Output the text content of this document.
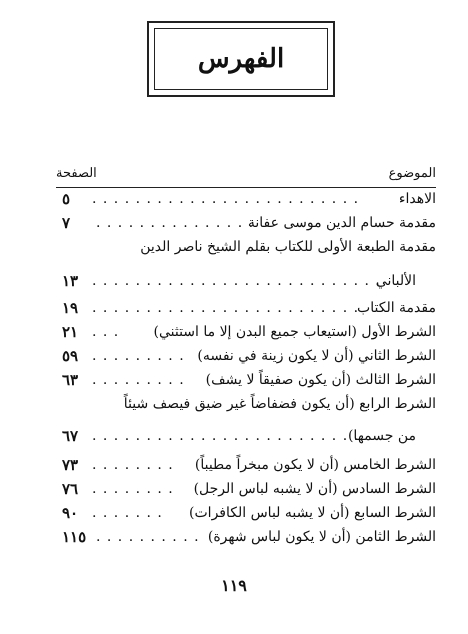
الفهرس
الموضوع
الصفحة
الاهداء
. . . . . . . . . . . . . . . . . . . . . . . . .
٥
مقدمة حسام الدين موسى عفانة
. . . . . . . . . . . . . . .
٧
مقدمة الطبعة الأولى للكتاب بقلم الشيخ ناصر الدين
الألباني
. . . . . . . . . . . . . . . . . . . . . . . . . . .
١٣
مقدمة الكتاب
. . . . . . . . . . . . . . . . . . . . . . . . .
١٩
الشرط الأول (استيعاب جميع البدن إلا ما استثني)
. . .
٢١
الشرط الثاني (أن لا يكون زينة في نفسه)
. . . . . . . . .
٥٩
الشرط الثالث (أن يكون صفيقاً لا يشف)
. . . . . . . . .
٦٣
الشرط الرابع (أن يكون فضفاضاً غير ضيق فيصف شيئاً
من جسمها)
. . . . . . . . . . . . . . . . . . . . . . . . .
٦٧
الشرط الخامس (أن لا يكون مبخراً مطيباً)
. . . . . . . .
٧٣
الشرط السادس (أن لا يشبه لباس الرجل)
. . . . . . . .
٧٦
الشرط السابع (أن لا يشبه لباس الكافرات)
. . . . . . .
٩٠
الشرط الثامن (أن لا يكون لباس شهرة)
. . . . . . . . . .
١١٥
١١٩
